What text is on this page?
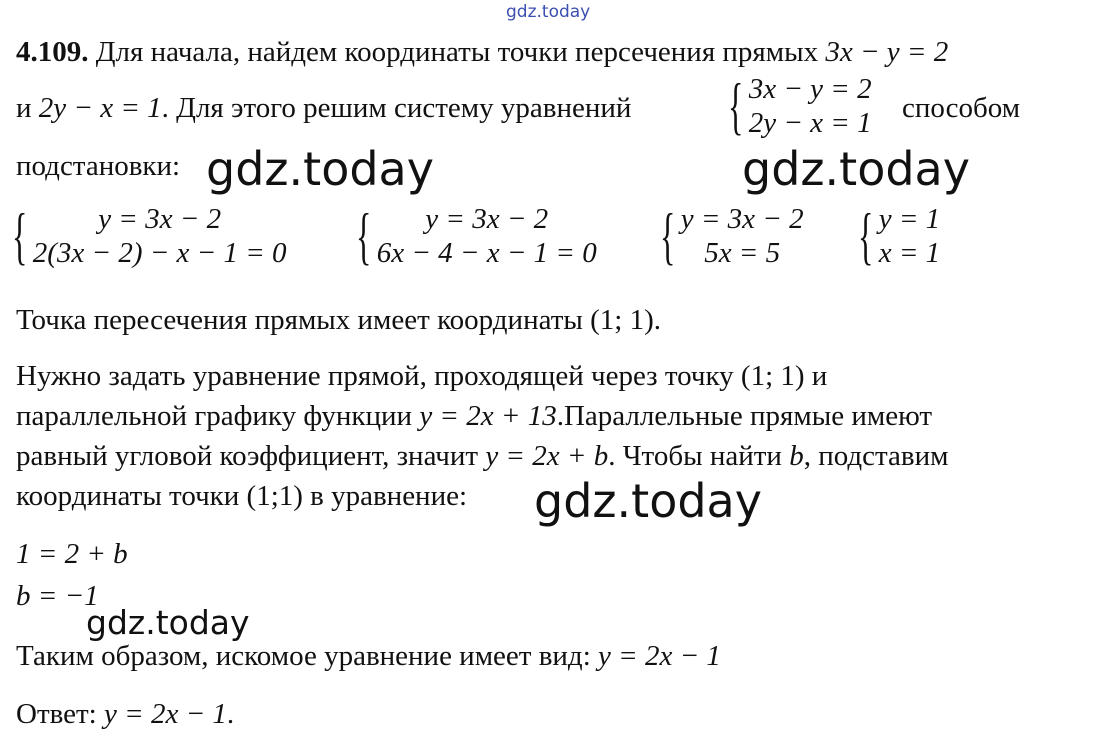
gdz.today
4.109. Для начала, найдем координаты точки персечения прямых 3x − y = 2
и 2y − x = 1. Для этого решим систему уравнений { 3x − y = 2
2y − x = 1 способом
подстановки: gdz.today	gdz.today
{	y = 3x − 2
2(3x − 2) − x − 1 = 0 {	y = 3x − 2
6x − 4 − x − 1 = 0 { y = 3x − 2
5x = 5	{ y = 1
x = 1
Точка пересечения прямых имеет координаты (1; 1).
Нужно задать уравнение прямой, проходящей через точку (1; 1) и
параллельной графику функции y = 2x + 13.Параллельные прямые имеют
равный угловой коэффициент, значит y = 2x + b. Чтобы найти b, подставим
координаты точки (1;1) в уравнение: gdz.today
1 = 2 + b
b = −1
gdz.today
Таким образом, искомое уравнение имеет вид: y = 2x − 1
Ответ: y = 2x − 1.
